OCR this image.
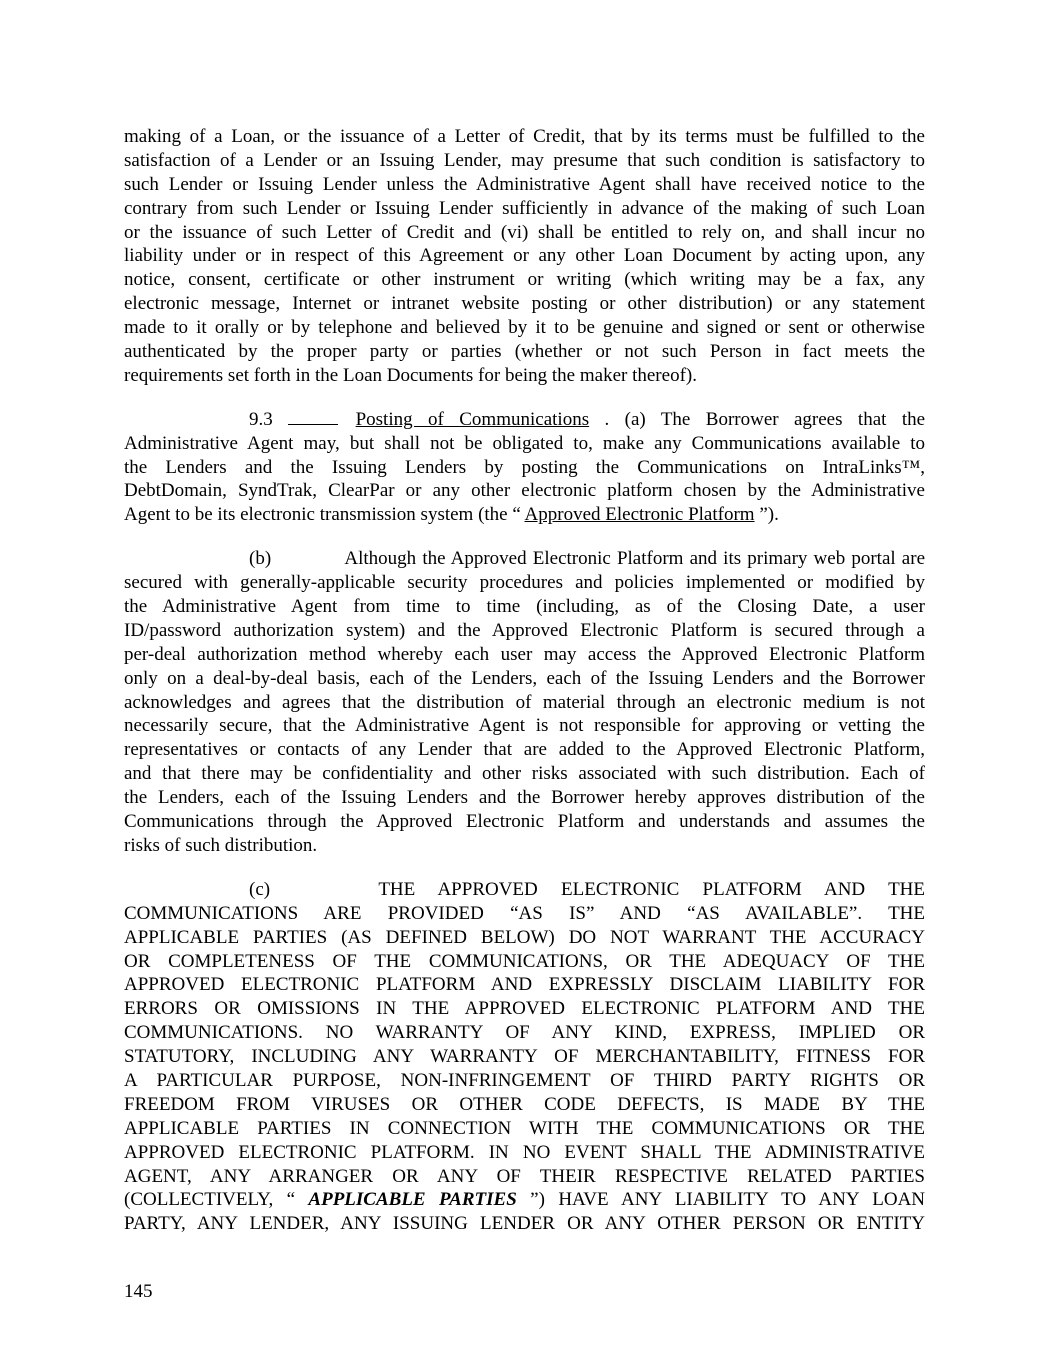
making of a Loan, or the issuance of a Letter of Credit, that by its terms must be fulfilled to the
satisfaction of a Lender or an Issuing Lender, may presume that such condition is satisfactory to
such Lender or Issuing Lender unless the Administrative Agent shall have received notice to the
contrary from such Lender or Issuing Lender sufficiently in advance of the making of such Loan
or the issuance of such Letter of Credit and (vi) shall be entitled to rely on, and shall incur no
liability under or in respect of this Agreement or any other Loan Document by acting upon, any
notice, consent, certificate or other instrument or writing (which writing may be a fax, any
electronic message, Internet or intranet website posting or other distribution) or any statement
made to it orally or by telephone and believed by it to be genuine and signed or sent or otherwise
authenticated by the proper party or parties (whether or not such Person in fact meets the
requirements set forth in the Loan Documents for being the maker thereof).
9.3	Posting of Communications . (a) The Borrower agrees that the
Administrative Agent may, but shall not be obligated to, make any Communications available to
the Lenders and the Issuing Lenders by posting the Communications on IntraLinks™,
DebtDomain, SyndTrak, ClearPar or any other electronic platform chosen by the Administrative
Agent to be its electronic transmission system (the “ Approved Electronic Platform ”).
(b)	Although the Approved Electronic Platform and its primary web portal are
secured with generally-applicable security procedures and policies implemented or modified by
the Administrative Agent from time to time (including, as of the Closing Date, a user
ID/password authorization system) and the Approved Electronic Platform is secured through a
per-deal authorization method whereby each user may access the Approved Electronic Platform
only on a deal-by-deal basis, each of the Lenders, each of the Issuing Lenders and the Borrower
acknowledges and agrees that the distribution of material through an electronic medium is not
necessarily secure, that the Administrative Agent is not responsible for approving or vetting the
representatives or contacts of any Lender that are added to the Approved Electronic Platform,
and that there may be confidentiality and other risks associated with such distribution. Each of
the Lenders, each of the Issuing Lenders and the Borrower hereby approves distribution of the
Communications through the Approved Electronic Platform and understands and assumes the
risks of such distribution.
(c)	THE APPROVED ELECTRONIC PLATFORM AND THE
COMMUNICATIONS ARE PROVIDED “AS IS” AND “AS AVAILABLE”. THE
APPLICABLE PARTIES (AS DEFINED BELOW) DO NOT WARRANT THE ACCURACY
OR COMPLETENESS OF THE COMMUNICATIONS, OR THE ADEQUACY OF THE
APPROVED ELECTRONIC PLATFORM AND EXPRESSLY DISCLAIM LIABILITY FOR
ERRORS OR OMISSIONS IN THE APPROVED ELECTRONIC PLATFORM AND THE
COMMUNICATIONS. NO WARRANTY OF ANY KIND, EXPRESS, IMPLIED OR
STATUTORY, INCLUDING ANY WARRANTY OF MERCHANTABILITY, FITNESS FOR
A PARTICULAR PURPOSE, NON-INFRINGEMENT OF THIRD PARTY RIGHTS OR
FREEDOM FROM VIRUSES OR OTHER CODE DEFECTS, IS MADE BY THE
APPLICABLE PARTIES IN CONNECTION WITH THE COMMUNICATIONS OR THE
APPROVED ELECTRONIC PLATFORM. IN NO EVENT SHALL THE ADMINISTRATIVE
AGENT, ANY ARRANGER OR ANY OF THEIR RESPECTIVE RELATED PARTIES
(COLLECTIVELY, “ APPLICABLE PARTIES ”) HAVE ANY LIABILITY TO ANY LOAN
PARTY, ANY LENDER, ANY ISSUING LENDER OR ANY OTHER PERSON OR ENTITY
145
